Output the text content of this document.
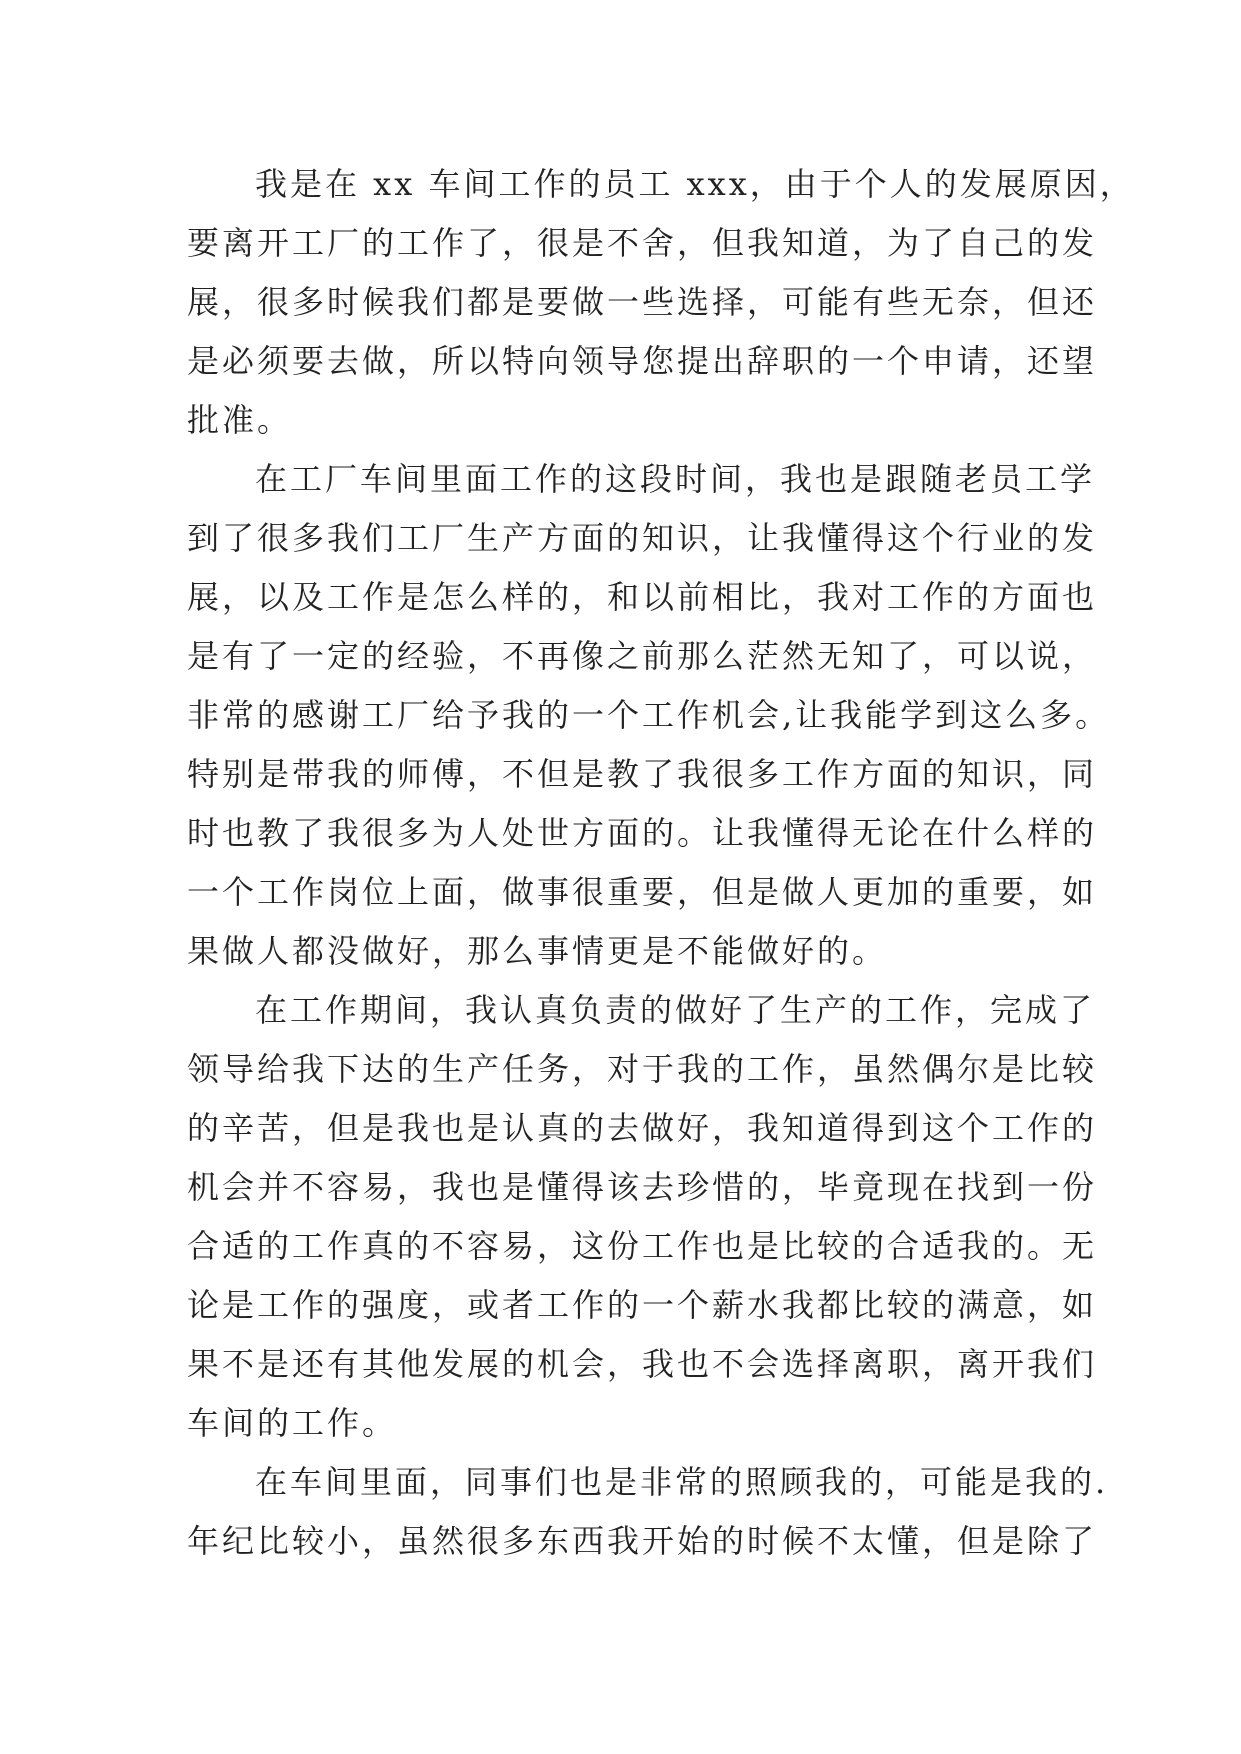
我是在 xx 车间工作的员工 xxx，由于个人的发展原因，
要离开工厂的工作了，很是不舍，但我知道，为了自己的发
展，很多时候我们都是要做一些选择，可能有些无奈，但还
是必须要去做，所以特向领导您提出辞职的一个申请，还望
批准。
在工厂车间里面工作的这段时间，我也是跟随老员工学
到了很多我们工厂生产方面的知识，让我懂得这个行业的发
展，以及工作是怎么样的，和以前相比，我对工作的方面也
是有了一定的经验，不再像之前那么茫然无知了，可以说，
非常的感谢工厂给予我的一个工作机会,让我能学到这么多。
特别是带我的师傅，不但是教了我很多工作方面的知识，同
时也教了我很多为人处世方面的。让我懂得无论在什么样的
一个工作岗位上面，做事很重要，但是做人更加的重要，如
果做人都没做好，那么事情更是不能做好的。
在工作期间，我认真负责的做好了生产的工作，完成了
领导给我下达的生产任务，对于我的工作，虽然偶尔是比较
的辛苦，但是我也是认真的去做好，我知道得到这个工作的
机会并不容易，我也是懂得该去珍惜的，毕竟现在找到一份
合适的工作真的不容易，这份工作也是比较的合适我的。无
论是工作的强度，或者工作的一个薪水我都比较的满意，如
果不是还有其他发展的机会，我也不会选择离职，离开我们
车间的工作。
在车间里面，同事们也是非常的照顾我的，可能是我的.
年纪比较小，虽然很多东西我开始的时候不太懂，但是除了
